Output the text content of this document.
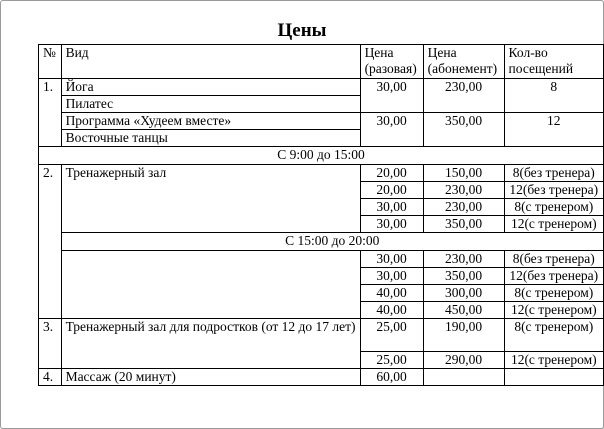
Цены
№	Вид	Цена (разовая)	Цена (абонемент)	Кол-во посещений
1.	Йога	30,00	230,00	8
	Пилатес			
	Программа «Худеем вместе»	30,00	350,00	12
	Восточные танцы			
С 9:00 до 15:00				
2.	Тренажерный зал	20,00	150,00	8(без тренера)
		20,00	230,00	12(без тренера)
		30,00	230,00	8(с тренером)
		30,00	350,00	12(с тренером)
	С 15:00 до 20:00			
		30,00	230,00	8(без тренера)
		30,00	350,00	12(без тренера)
		40,00	300,00	8(с тренером)
		40,00	450,00	12(с тренером)
3.	Тренажерный зал для подростков (от 12 до 17 лет)	25,00	190,00	8(с тренером)
		25,00	290,00	12(с тренером)
4.	Массаж (20 минут)	60,00		
